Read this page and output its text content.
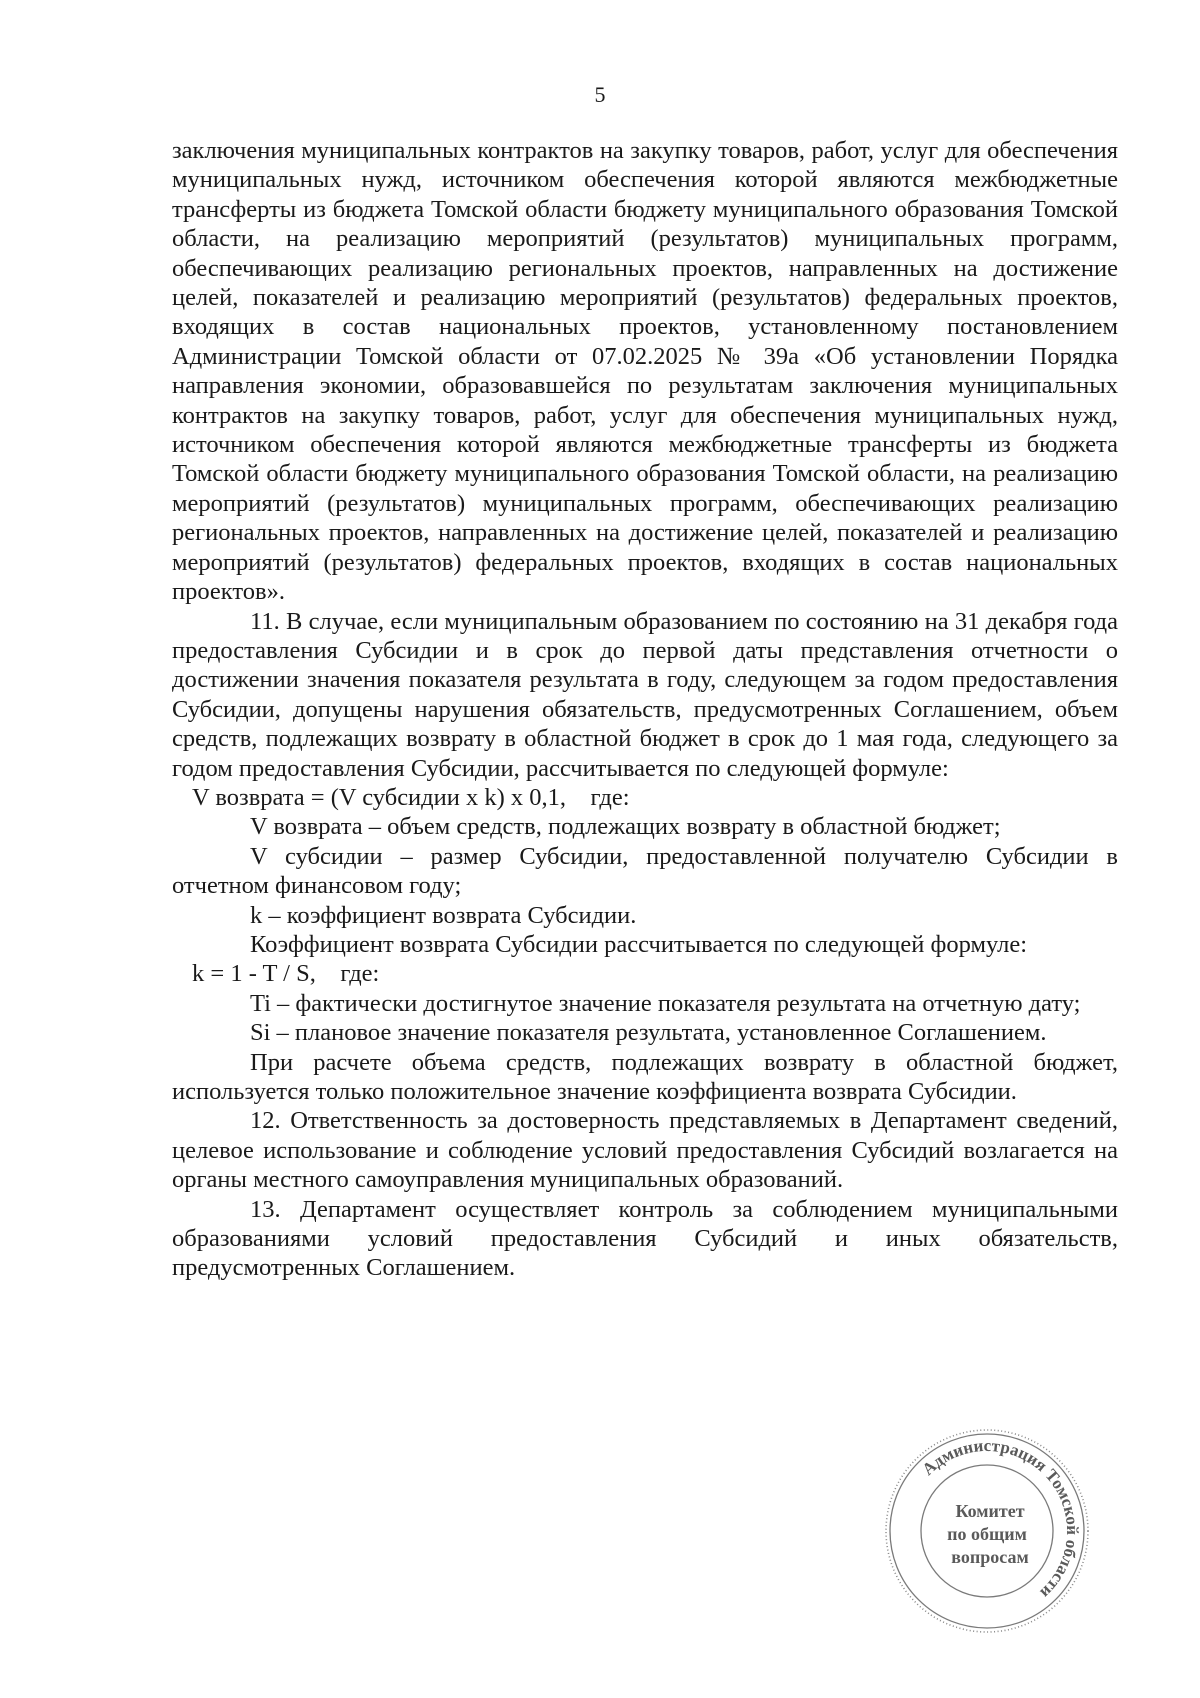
5

заключения муниципальных контрактов на закупку товаров, работ, услуг для обеспечения муниципальных нужд, источником обеспечения которой являются межбюджетные трансферты из бюджета Томской области бюджету муниципального образования Томской области, на реализацию мероприятий (результатов) муниципальных программ, обеспечивающих реализацию региональных проектов, направленных на достижение целей, показателей и реализацию мероприятий (результатов) федеральных проектов, входящих в состав национальных проектов, установленному постановлением Администрации Томской области от 07.02.2025 № 39а «Об установлении Порядка направления экономии, образовавшейся по результатам заключения муниципальных контрактов на закупку товаров, работ, услуг для обеспечения муниципальных нужд, источником обеспечения которой являются межбюджетные трансферты из бюджета Томской области бюджету муниципального образования Томской области, на реализацию мероприятий (результатов) муниципальных программ, обеспечивающих реализацию региональных проектов, направленных на достижение целей, показателей и реализацию мероприятий (результатов) федеральных проектов, входящих в состав национальных проектов».

11. В случае, если муниципальным образованием по состоянию на 31 декабря года предоставления Субсидии и в срок до первой даты представления отчетности о достижении значения показателя результата в году, следующем за годом предоставления Субсидии, допущены нарушения обязательств, предусмотренных Соглашением, объем средств, подлежащих возврату в областной бюджет в срок до 1 мая года, следующего за годом предоставления Субсидии, рассчитывается по следующей формуле:

V возврата = (V субсидии x k) x 0,1, где:

V возврата – объем средств, подлежащих возврату в областной бюджет;

V субсидии – размер Субсидии, предоставленной получателю Субсидии в отчетном финансовом году;

k – коэффициент возврата Субсидии.

Коэффициент возврата Субсидии рассчитывается по следующей формуле:

k = 1 - T / S, где:

Ti – фактически достигнутое значение показателя результата на отчетную дату;

Si – плановое значение показателя результата, установленное Соглашением.

При расчете объема средств, подлежащих возврату в областной бюджет, используется только положительное значение коэффициента возврата Субсидии.

12. Ответственность за достоверность представляемых в Департамент сведений, целевое использование и соблюдение условий предоставления Субсидий возлагается на органы местного самоуправления муниципальных образований.

13. Департамент осуществляет контроль за соблюдением муниципальными образованиями условий предоставления Субсидий и иных обязательств, предусмотренных Соглашением.

Администрация Томской области
Комитет
по общим
вопросам
